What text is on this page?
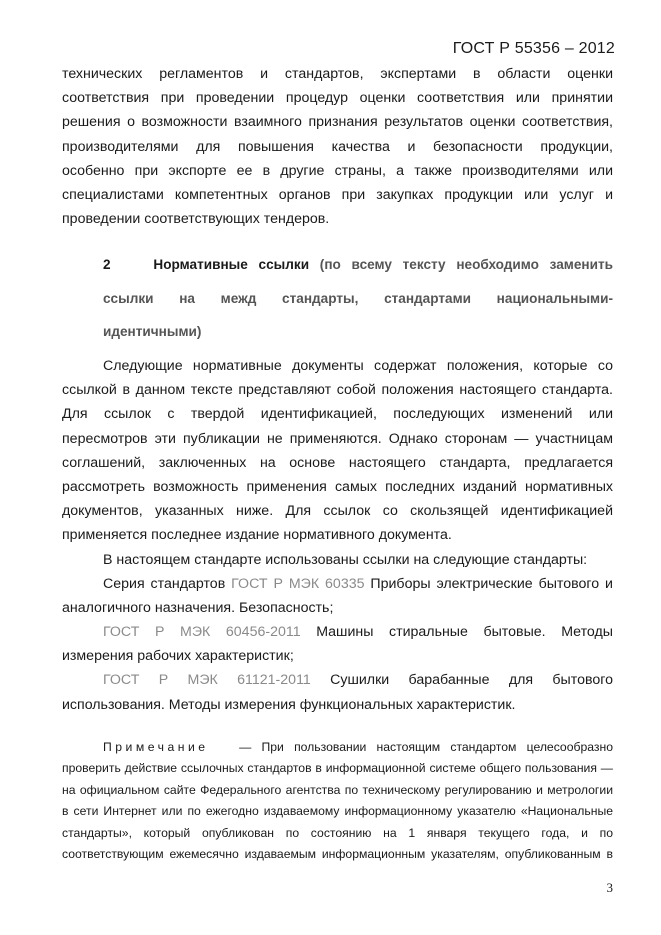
ГОСТ Р 55356 – 2012
технических регламентов и стандартов, экспертами в области оценки
соответствия при проведении процедур оценки соответствия или принятии
решения о возможности взаимного признания результатов оценки соответствия,
производителями для повышения качества и безопасности продукции,
особенно при экспорте ее в другие страны, а также производителями или
специалистами компетентных органов при закупках продукции или услуг и
проведении соответствующих тендеров.
2	Нормативные ссылки (по всему тексту необходимо заменить
ссылки на межд стандарты, стандартами национальными-
идентичными)
Следующие нормативные документы содержат положения, которые со
ссылкой в данном тексте представляют собой положения настоящего стандарта.
Для ссылок с твердой идентификацией, последующих изменений или
пересмотров эти публикации не применяются. Однако сторонам — участницам
соглашений, заключенных на основе настоящего стандарта, предлагается
рассмотреть возможность применения самых последних изданий нормативных
документов, указанных ниже. Для ссылок со скользящей идентификацией
применяется последнее издание нормативного документа.
В настоящем стандарте использованы ссылки на следующие стандарты:
Серия стандартов ГОСТ Р МЭК 60335 Приборы электрические бытового и
аналогичного назначения. Безопасность;
ГОСТ Р МЭК 60456-2011 Машины стиральные бытовые. Методы
измерения рабочих характеристик;
ГОСТ Р МЭК 61121-2011 Сушилки барабанные для бытового
использования. Методы измерения функциональных характеристик.
Примечание	— При пользовании настоящим стандартом целесообразно
проверить действие ссылочных стандартов в информационной системе общего пользования —
на официальном сайте Федерального агентства по техническому регулированию и метрологии
в сети Интернет или по ежегодно издаваемому информационному указателю «Национальные
стандарты», который опубликован по состоянию на 1 января текущего года, и по
соответствующим ежемесячно издаваемым информационным указателям, опубликованным в
3
